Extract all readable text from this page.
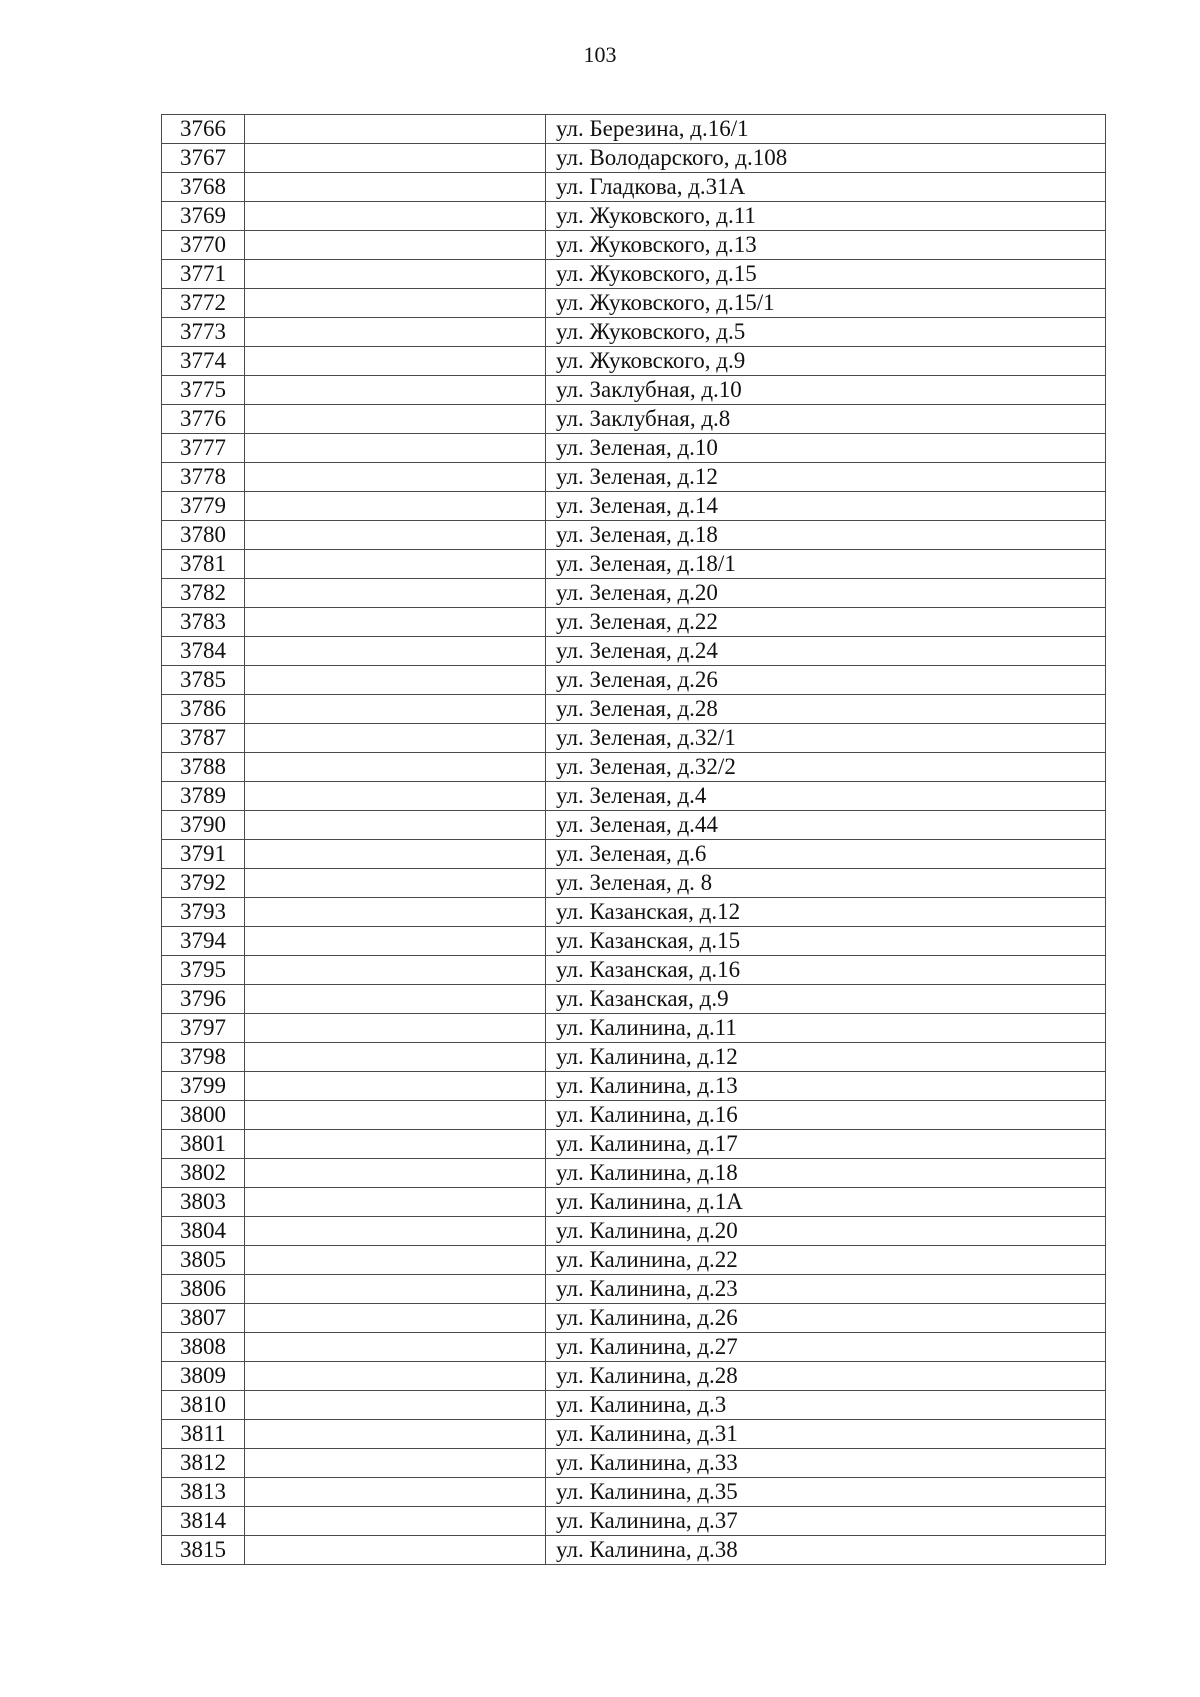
103
3766		ул. Березина, д.16/1
3767		ул. Володарского, д.108
3768		ул. Гладкова, д.31А
3769		ул. Жуковского, д.11
3770		ул. Жуковского, д.13
3771		ул. Жуковского, д.15
3772		ул. Жуковского, д.15/1
3773		ул. Жуковского, д.5
3774		ул. Жуковского, д.9
3775		ул. Заклубная, д.10
3776		ул. Заклубная, д.8
3777		ул. Зеленая, д.10
3778		ул. Зеленая, д.12
3779		ул. Зеленая, д.14
3780		ул. Зеленая, д.18
3781		ул. Зеленая, д.18/1
3782		ул. Зеленая, д.20
3783		ул. Зеленая, д.22
3784		ул. Зеленая, д.24
3785		ул. Зеленая, д.26
3786		ул. Зеленая, д.28
3787		ул. Зеленая, д.32/1
3788		ул. Зеленая, д.32/2
3789		ул. Зеленая, д.4
3790		ул. Зеленая, д.44
3791		ул. Зеленая, д.6
3792		ул. Зеленая, д. 8
3793		ул. Казанская, д.12
3794		ул. Казанская, д.15
3795		ул. Казанская, д.16
3796		ул. Казанская, д.9
3797		ул. Калинина, д.11
3798		ул. Калинина, д.12
3799		ул. Калинина, д.13
3800		ул. Калинина, д.16
3801		ул. Калинина, д.17
3802		ул. Калинина, д.18
3803		ул. Калинина, д.1А
3804		ул. Калинина, д.20
3805		ул. Калинина, д.22
3806		ул. Калинина, д.23
3807		ул. Калинина, д.26
3808		ул. Калинина, д.27
3809		ул. Калинина, д.28
3810		ул. Калинина, д.3
3811		ул. Калинина, д.31
3812		ул. Калинина, д.33
3813		ул. Калинина, д.35
3814		ул. Калинина, д.37
3815		ул. Калинина, д.38
